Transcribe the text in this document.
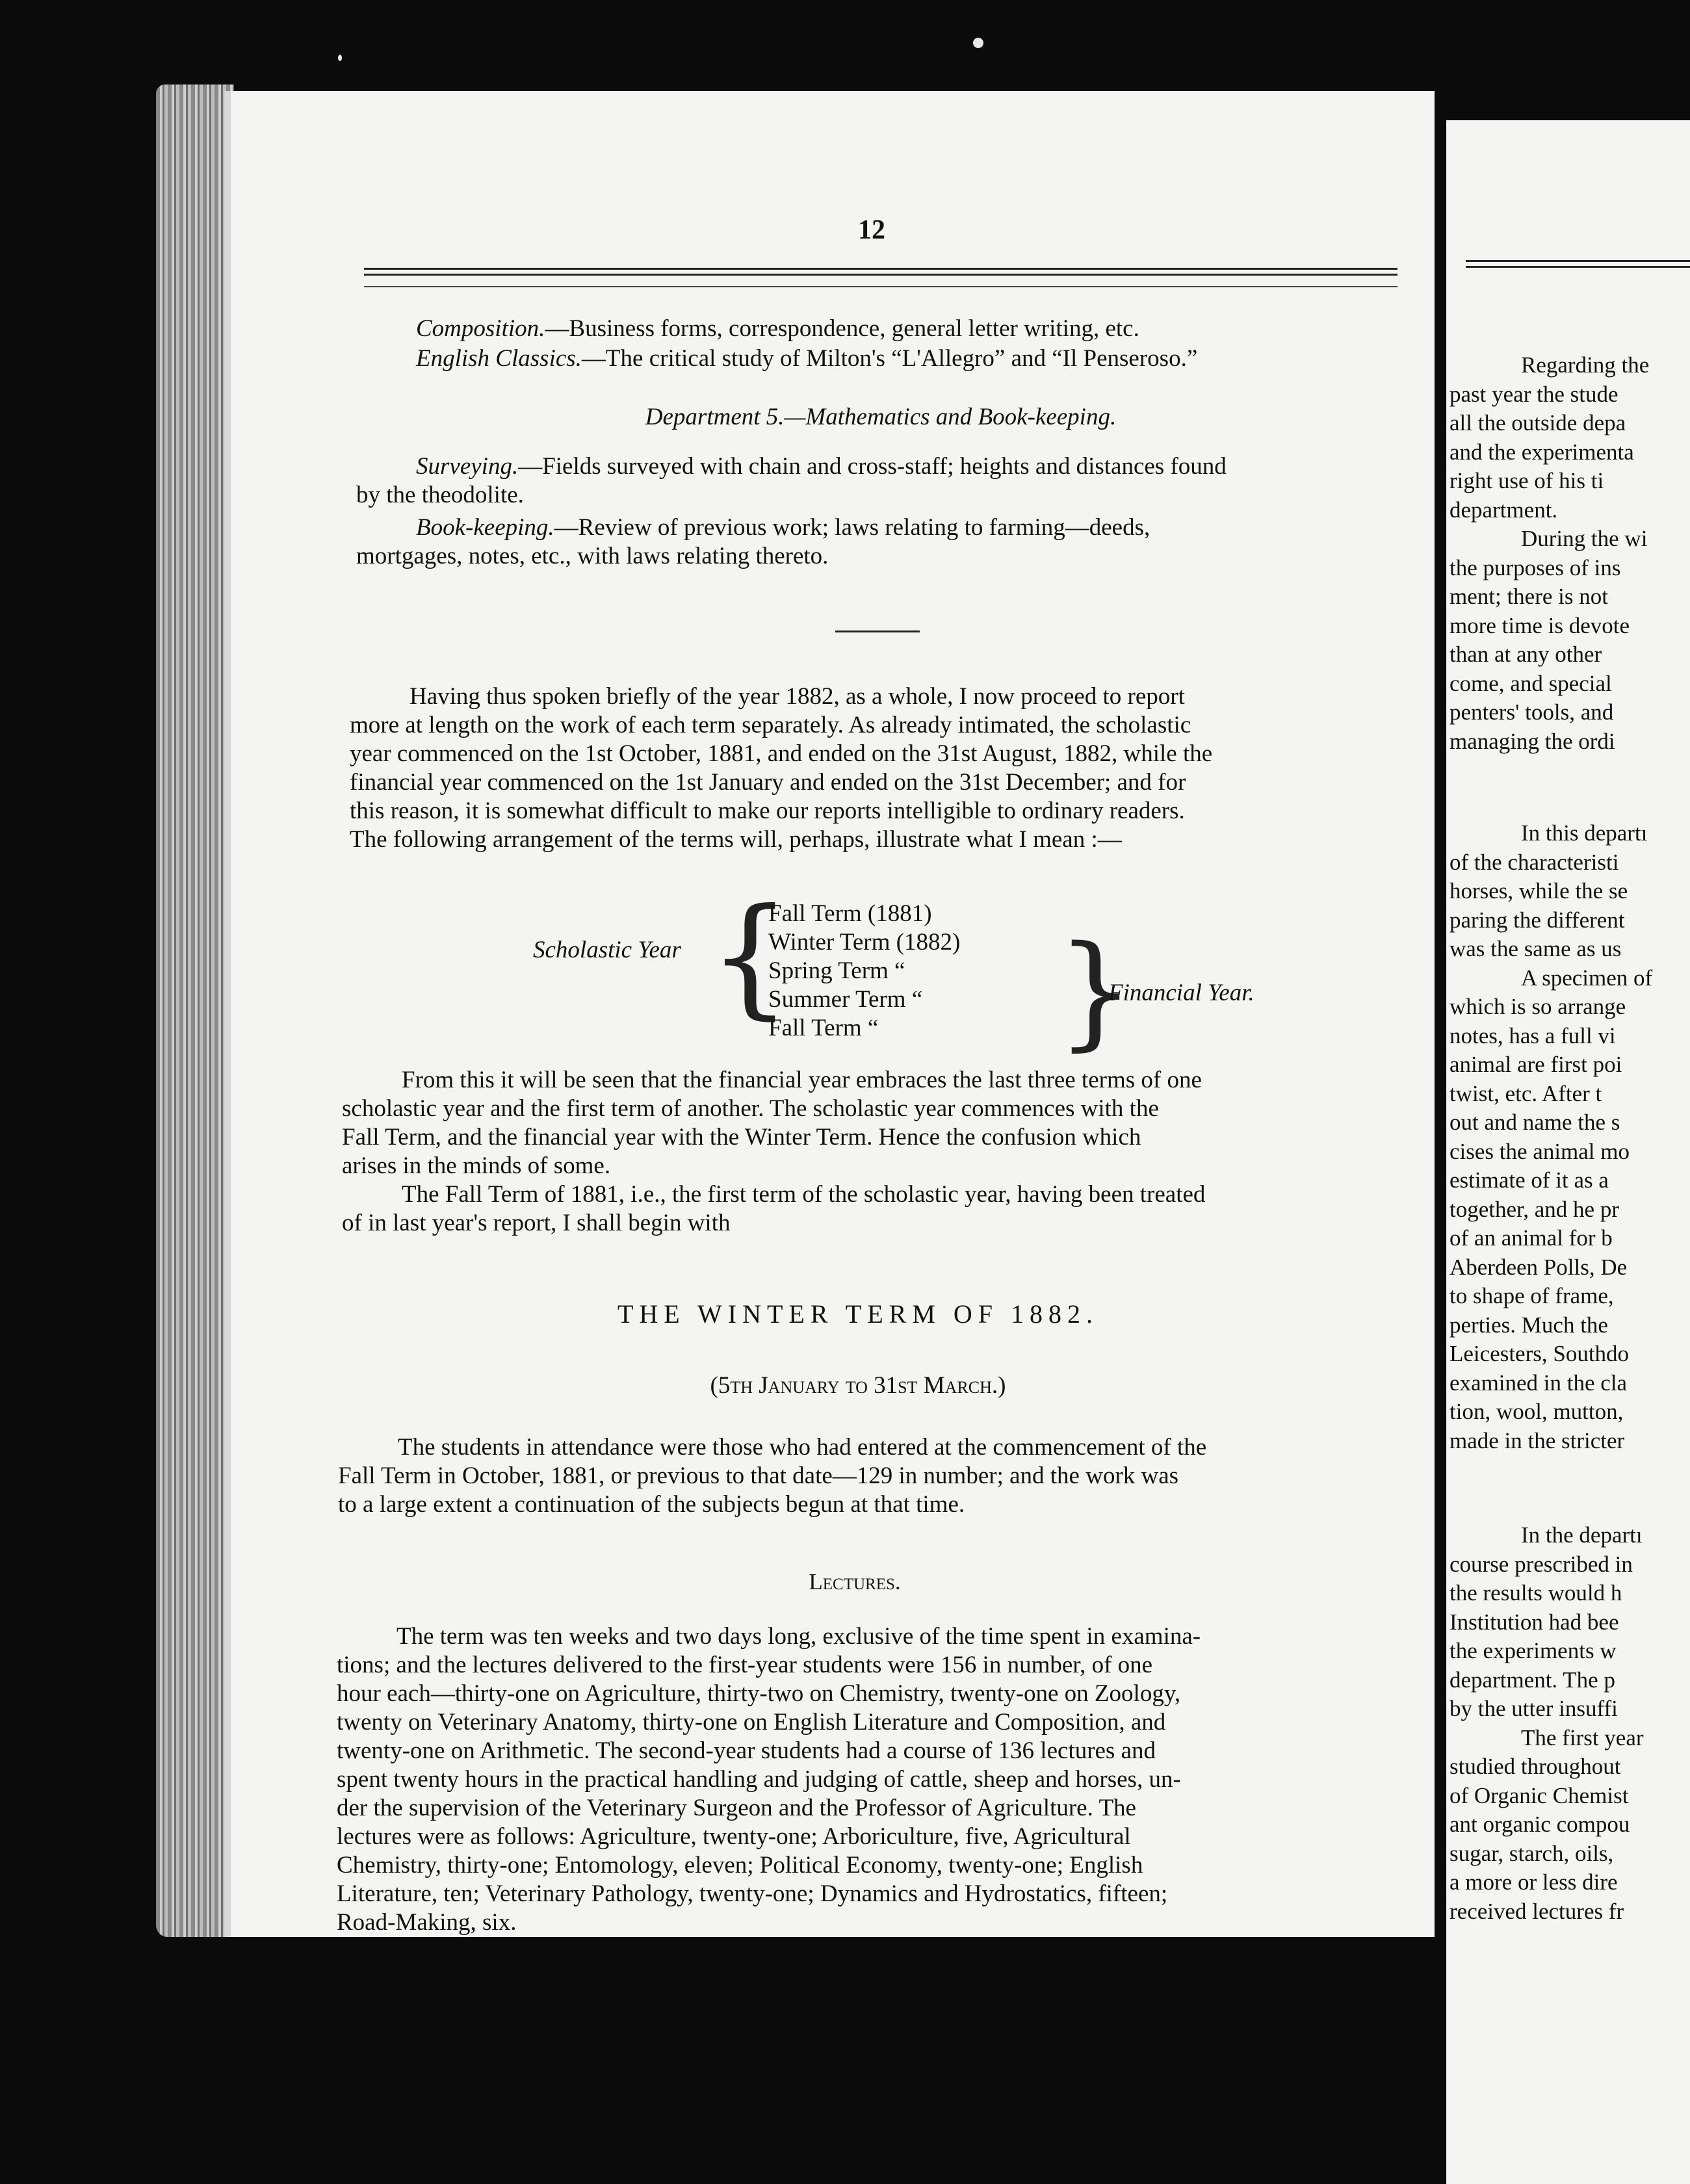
12
Composition.—Business forms, correspondence, general letter writing, etc.
English Classics.—The critical study of Milton's “L'Allegro” and “Il Penseroso.”
Department 5.—Mathematics and Book-keeping.
Surveying.—Fields surveyed with chain and cross-staff; heights and distances found
by the theodolite.
Book-keeping.—Review of previous work; laws relating to farming—deeds,
mortgages, notes, etc., with laws relating thereto.
Having thus spoken briefly of the year 1882, as a whole, I now proceed to report
more at length on the work of each term separately. As already intimated, the scholastic
year commenced on the 1st October, 1881, and ended on the 31st August, 1882, while the
financial year commenced on the 1st January and ended on the 31st December; and for
this reason, it is somewhat difficult to make our reports intelligible to ordinary readers.
The following arrangement of the terms will, perhaps, illustrate what I mean :—
Scholastic Year {
Fall Term (1881)
Winter Term (1882)
Spring Term “
Summer Term “
Fall Term “ }
Financial Year.
From this it will be seen that the financial year embraces the last three terms of one
scholastic year and the first term of another. The scholastic year commences with the
Fall Term, and the financial year with the Winter Term. Hence the confusion which
arises in the minds of some.
The Fall Term of 1881, i.e., the first term of the scholastic year, having been treated
of in last year's report, I shall begin with
THE WINTER TERM OF 1882.
(5th January to 31st March.)
The students in attendance were those who had entered at the commencement of the
Fall Term in October, 1881, or previous to that date—129 in number; and the work was
to a large extent a continuation of the subjects begun at that time.
Lectures.
The term was ten weeks and two days long, exclusive of the time spent in examina-
tions; and the lectures delivered to the first-year students were 156 in number, of one
hour each—thirty-one on Agriculture, thirty-two on Chemistry, twenty-one on Zoology,
twenty on Veterinary Anatomy, thirty-one on English Literature and Composition, and
twenty-one on Arithmetic. The second-year students had a course of 136 lectures and
spent twenty hours in the practical handling and judging of cattle, sheep and horses, un-
der the supervision of the Veterinary Surgeon and the Professor of Agriculture. The
lectures were as follows: Agriculture, twenty-one; Arboriculture, five, Agricultural
Chemistry, thirty-one; Entomology, eleven; Political Economy, twenty-one; English
Literature, ten; Veterinary Pathology, twenty-one; Dynamics and Hydrostatics, fifteen;
Road-Making, six.
Regarding the
past year the stude
all the outside depa
and the experimenta
right use of his ti
department.
During the wi
the purposes of ins
ment; there is not
more time is devote
than at any other
come, and special
penters' tools, and
managing the ordi
In this departı
of the characteristi
horses, while the se
paring the different
was the same as us
A specimen of
which is so arrange
notes, has a full vi
animal are first poi
twist, etc. After t
out and name the s
cises the animal mo
estimate of it as a
together, and he pr
of an animal for b
Aberdeen Polls, De
to shape of frame,
perties. Much the
Leicesters, Southdo
examined in the cla
tion, wool, mutton,
made in the stricter
In the departı
course prescribed in
the results would h
Institution had bee
the experiments w
department. The p
by the utter insuffi
The first year
studied throughout
of Organic Chemist
ant organic compou
sugar, starch, oils,
a more or less dire
received lectures fr
